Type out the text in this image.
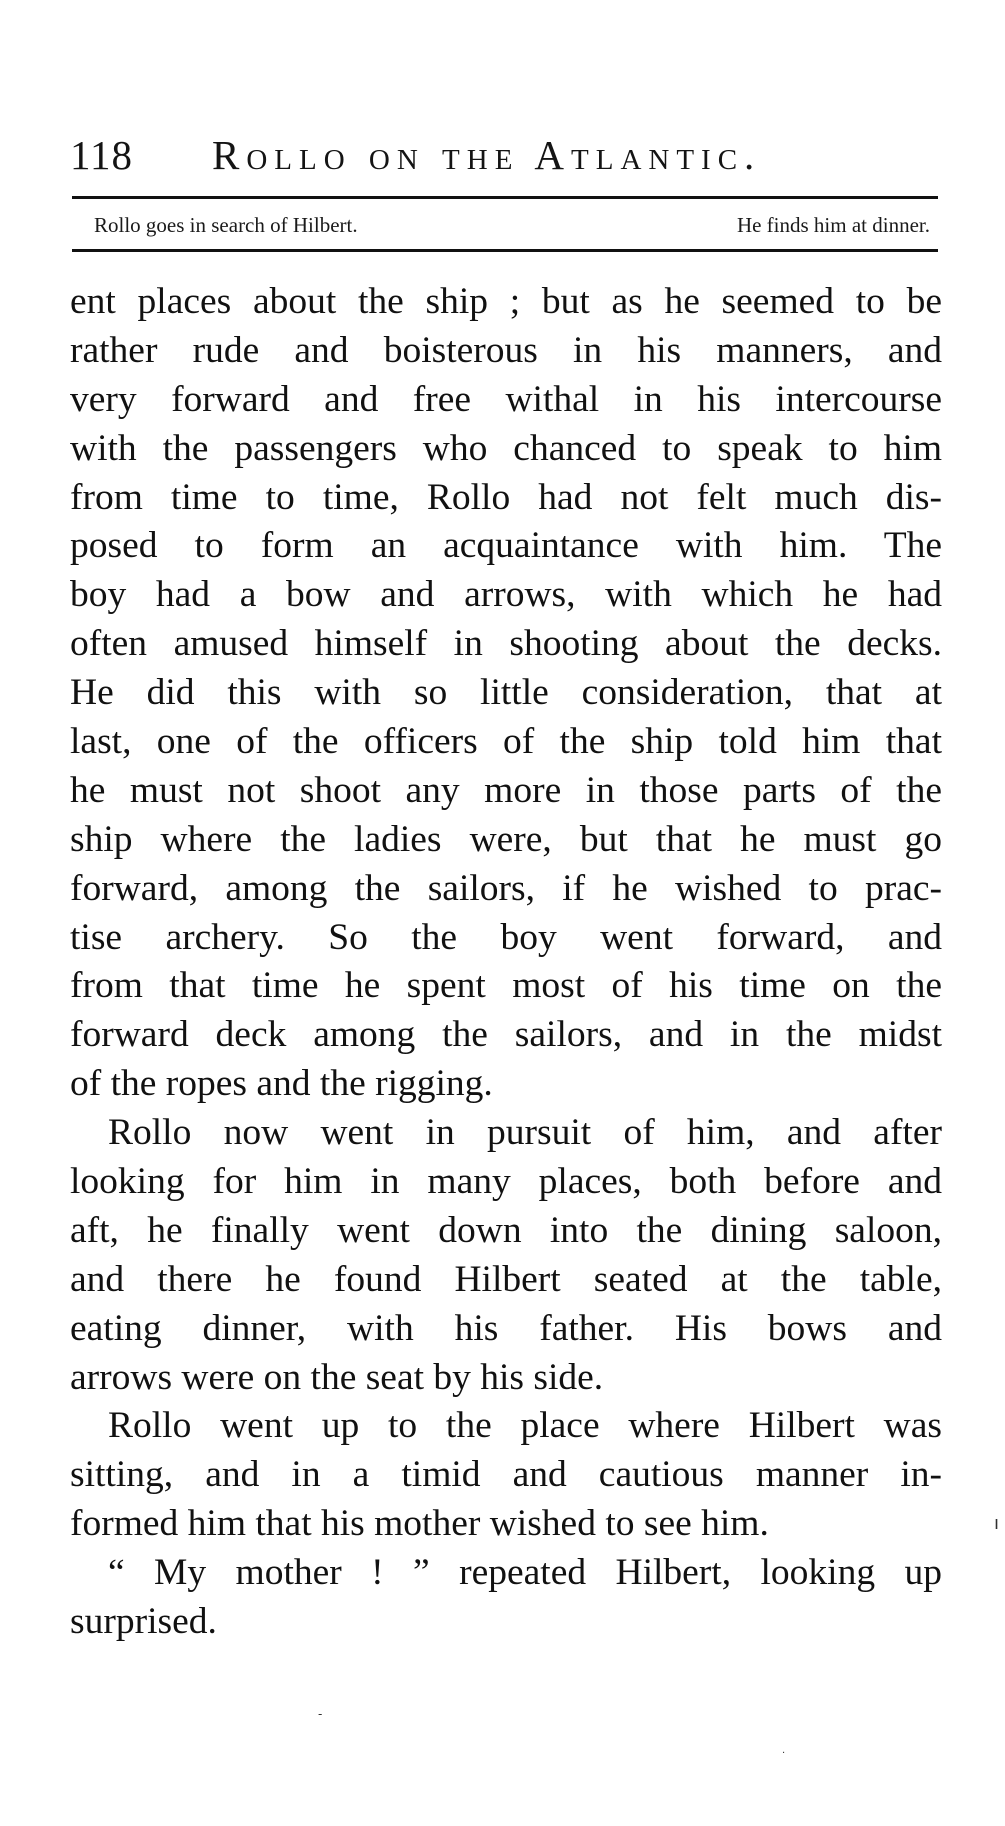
118 Rollo on the Atlantic.
Rollo goes in search of Hilbert.	He finds him at dinner.
ent places about the ship ; but as he seemed to be
rather rude and boisterous in his manners, and
very forward and free withal in his intercourse
with the passengers who chanced to speak to him
from time to time, Rollo had not felt much dis-
posed to form an acquaintance with him. The
boy had a bow and arrows, with which he had
often amused himself in shooting about the decks.
He did this with so little consideration, that at
last, one of the officers of the ship told him that
he must not shoot any more in those parts of the
ship where the ladies were, but that he must go
forward, among the sailors, if he wished to prac-
tise archery. So the boy went forward, and
from that time he spent most of his time on the
forward deck among the sailors, and in the midst
of the ropes and the rigging.
Rollo now went in pursuit of him, and after
looking for him in many places, both before and
aft, he finally went down into the dining saloon,
and there he found Hilbert seated at the table,
eating dinner, with his father. His bows and
arrows were on the seat by his side.
Rollo went up to the place where Hilbert was
sitting, and in a timid and cautious manner in-
formed him that his mother wished to see him.
“ My mother ! ” repeated Hilbert, looking up
surprised.
ı
-
·
